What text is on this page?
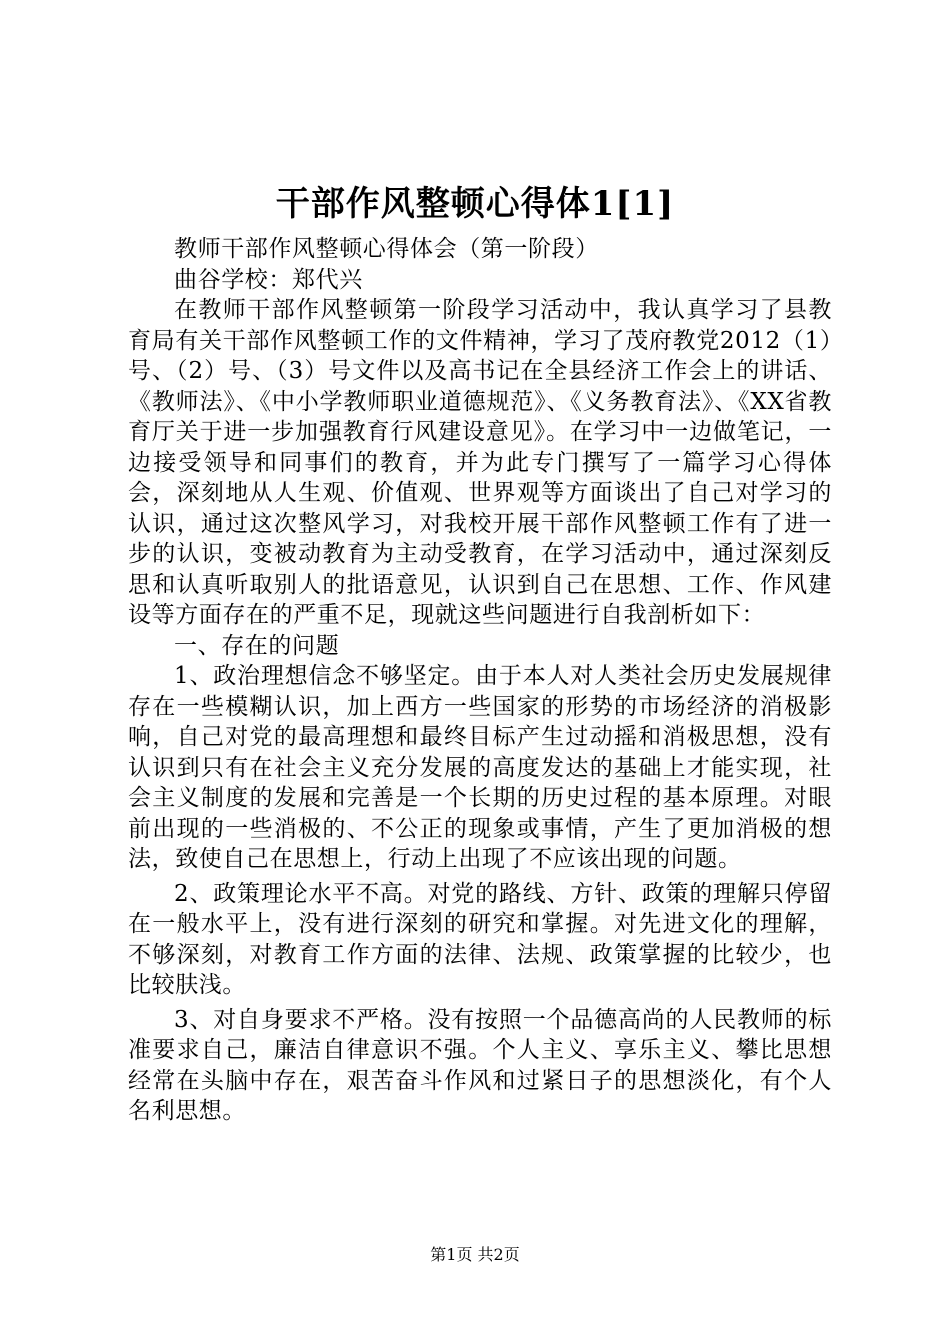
干部作风整顿心得体1[1]

教师干部作风整顿心得体会（第一阶段）

曲谷学校：郑代兴

在教师干部作风整顿第一阶段学习活动中，我认真学习了县教育局有关干部作风整顿工作的文件精神，学习了茂府教党2012（1）号、（2）号、（3）号文件以及高书记在全县经济工作会上的讲话、《教师法》、《中小学教师职业道德规范》、《义务教育法》、《XX省教育厅关于进一步加强教育行风建设意见》。在学习中一边做笔记，一边接受领导和同事们的教育，并为此专门撰写了一篇学习心得体会，深刻地从人生观、价值观、世界观等方面谈出了自己对学习的认识，通过这次整风学习，对我校开展干部作风整顿工作有了进一步的认识，变被动教育为主动受教育，在学习活动中，通过深刻反思和认真听取别人的批语意见，认识到自己在思想、工作、作风建设等方面存在的严重不足，现就这些问题进行自我剖析如下：

一、存在的问题

1、政治理想信念不够坚定。由于本人对人类社会历史发展规律存在一些模糊认识，加上西方一些国家的形势的市场经济的消极影响，自己对党的最高理想和最终目标产生过动摇和消极思想，没有认识到只有在社会主义充分发展的高度发达的基础上才能实现，社会主义制度的发展和完善是一个长期的历史过程的基本原理。对眼前出现的一些消极的、不公正的现象或事情，产生了更加消极的想法，致使自己在思想上，行动上出现了不应该出现的问题。

2、政策理论水平不高。对党的路线、方针、政策的理解只停留在一般水平上，没有进行深刻的研究和掌握。对先进文化的理解，不够深刻，对教育工作方面的法律、法规、政策掌握的比较少，也比较肤浅。

3、对自身要求不严格。没有按照一个品德高尚的人民教师的标准要求自己，廉洁自律意识不强。个人主义、享乐主义、攀比思想经常在头脑中存在，艰苦奋斗作风和过紧日子的思想淡化，有个人名利思想。

第1页 共2页
